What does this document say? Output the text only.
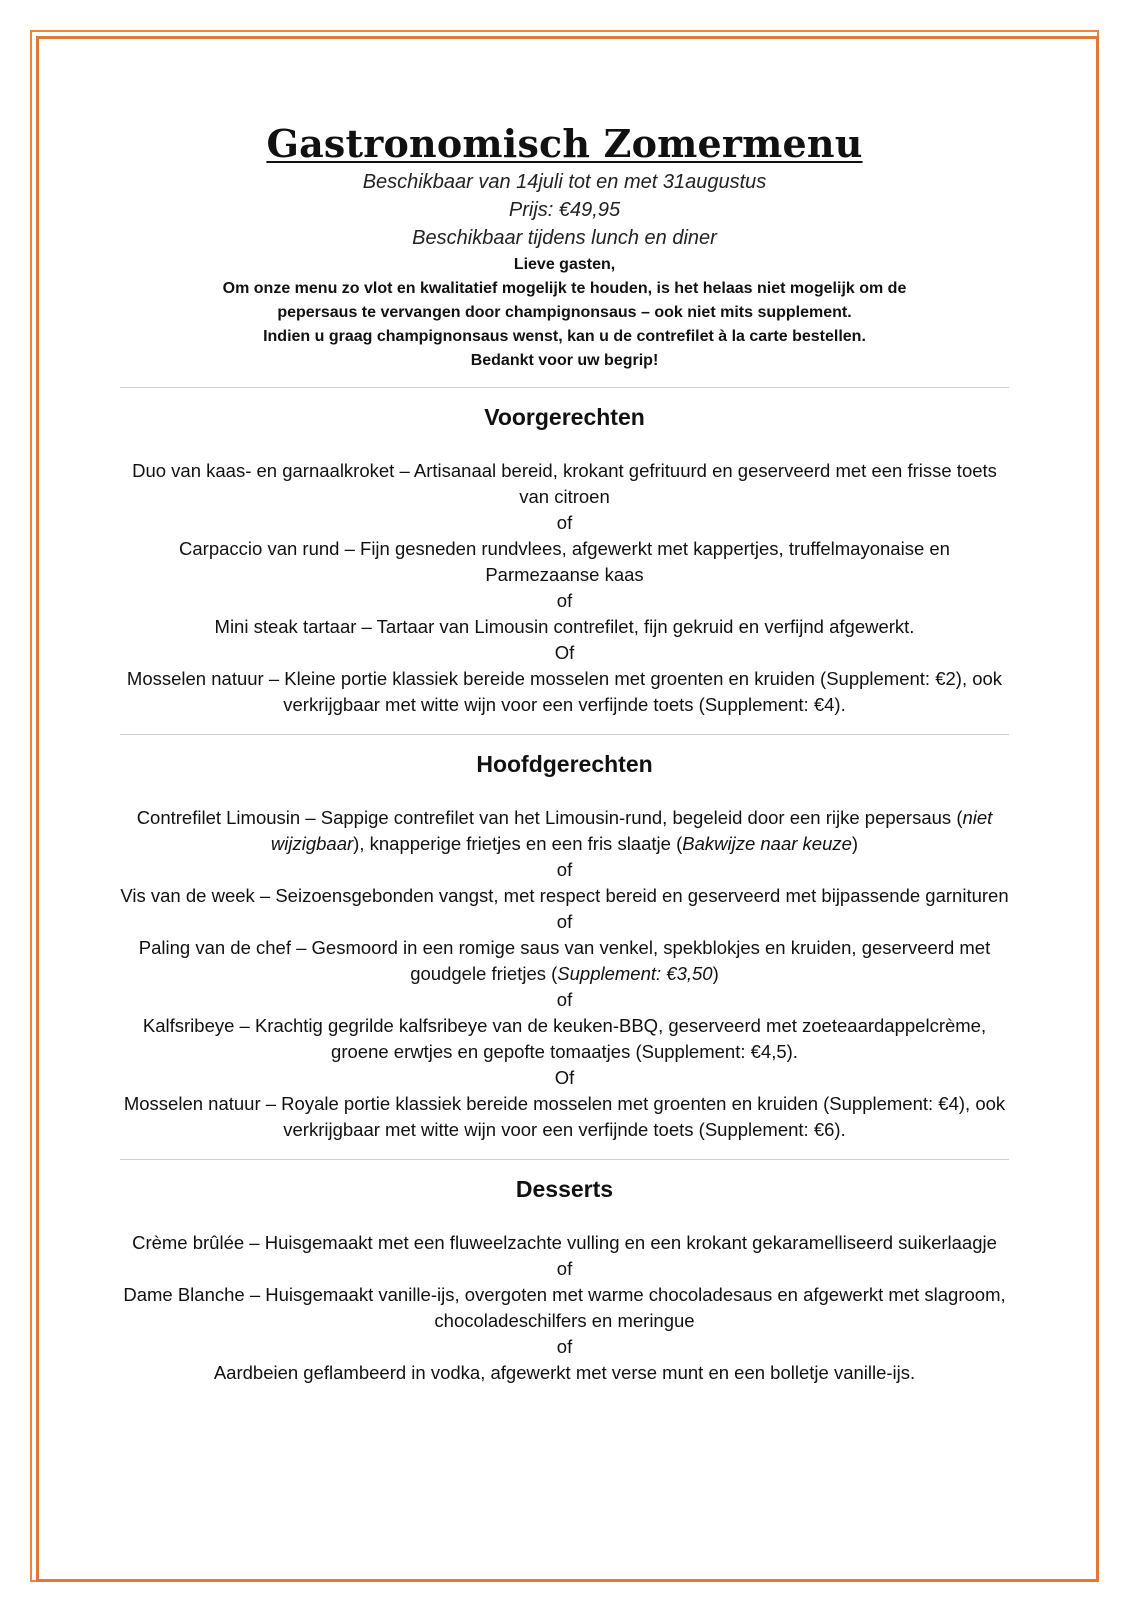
Gastronomisch Zomermenu
Beschikbaar van 14juli tot en met 31augustus
Prijs: €49,95
Beschikbaar tijdens lunch en diner
Lieve gasten,
Om onze menu zo vlot en kwalitatief mogelijk te houden, is het helaas niet mogelijk om de
pepersaus te vervangen door champignonsaus – ook niet mits supplement.
Indien u graag champignonsaus wenst, kan u de contrefilet à la carte bestellen.
Bedankt voor uw begrip!
Voorgerechten
Duo van kaas- en garnaalkroket – Artisanaal bereid, krokant gefrituurd en geserveerd met een frisse toets van citroen
of
Carpaccio van rund – Fijn gesneden rundvlees, afgewerkt met kappertjes, truffelmayonaise en Parmezaanse kaas
of
Mini steak tartaar – Tartaar van Limousin contrefilet, fijn gekruid en verfijnd afgewerkt.
Of
Mosselen natuur – Kleine portie klassiek bereide mosselen met groenten en kruiden (Supplement: €2), ook verkrijgbaar met witte wijn voor een verfijnde toets (Supplement: €4).
Hoofdgerechten
Contrefilet Limousin – Sappige contrefilet van het Limousin-rund, begeleid door een rijke pepersaus (niet wijzigbaar), knapperige frietjes en een fris slaatje (Bakwijze naar keuze)
of
Vis van de week – Seizoensgebonden vangst, met respect bereid en geserveerd met bijpassende garnituren
of
Paling van de chef – Gesmoord in een romige saus van venkel, spekblokjes en kruiden, geserveerd met goudgele frietjes (Supplement: €3,50)
of
Kalfsribeye – Krachtig gegrilde kalfsribeye van de keuken-BBQ, geserveerd met zoeteaardappelcrème, groene erwtjes en gepofte tomaatjes (Supplement: €4,5).
Of
Mosselen natuur – Royale portie klassiek bereide mosselen met groenten en kruiden (Supplement: €4), ook verkrijgbaar met witte wijn voor een verfijnde toets (Supplement: €6).
Desserts
Crème brûlée – Huisgemaakt met een fluweelzachte vulling en een krokant gekaramelliseerd suikerlaagje
of
Dame Blanche – Huisgemaakt vanille-ijs, overgoten met warme chocoladesaus en afgewerkt met slagroom, chocoladeschilfers en meringue
of
Aardbeien geflambeerd in vodka, afgewerkt met verse munt en een bolletje vanille-ijs.
